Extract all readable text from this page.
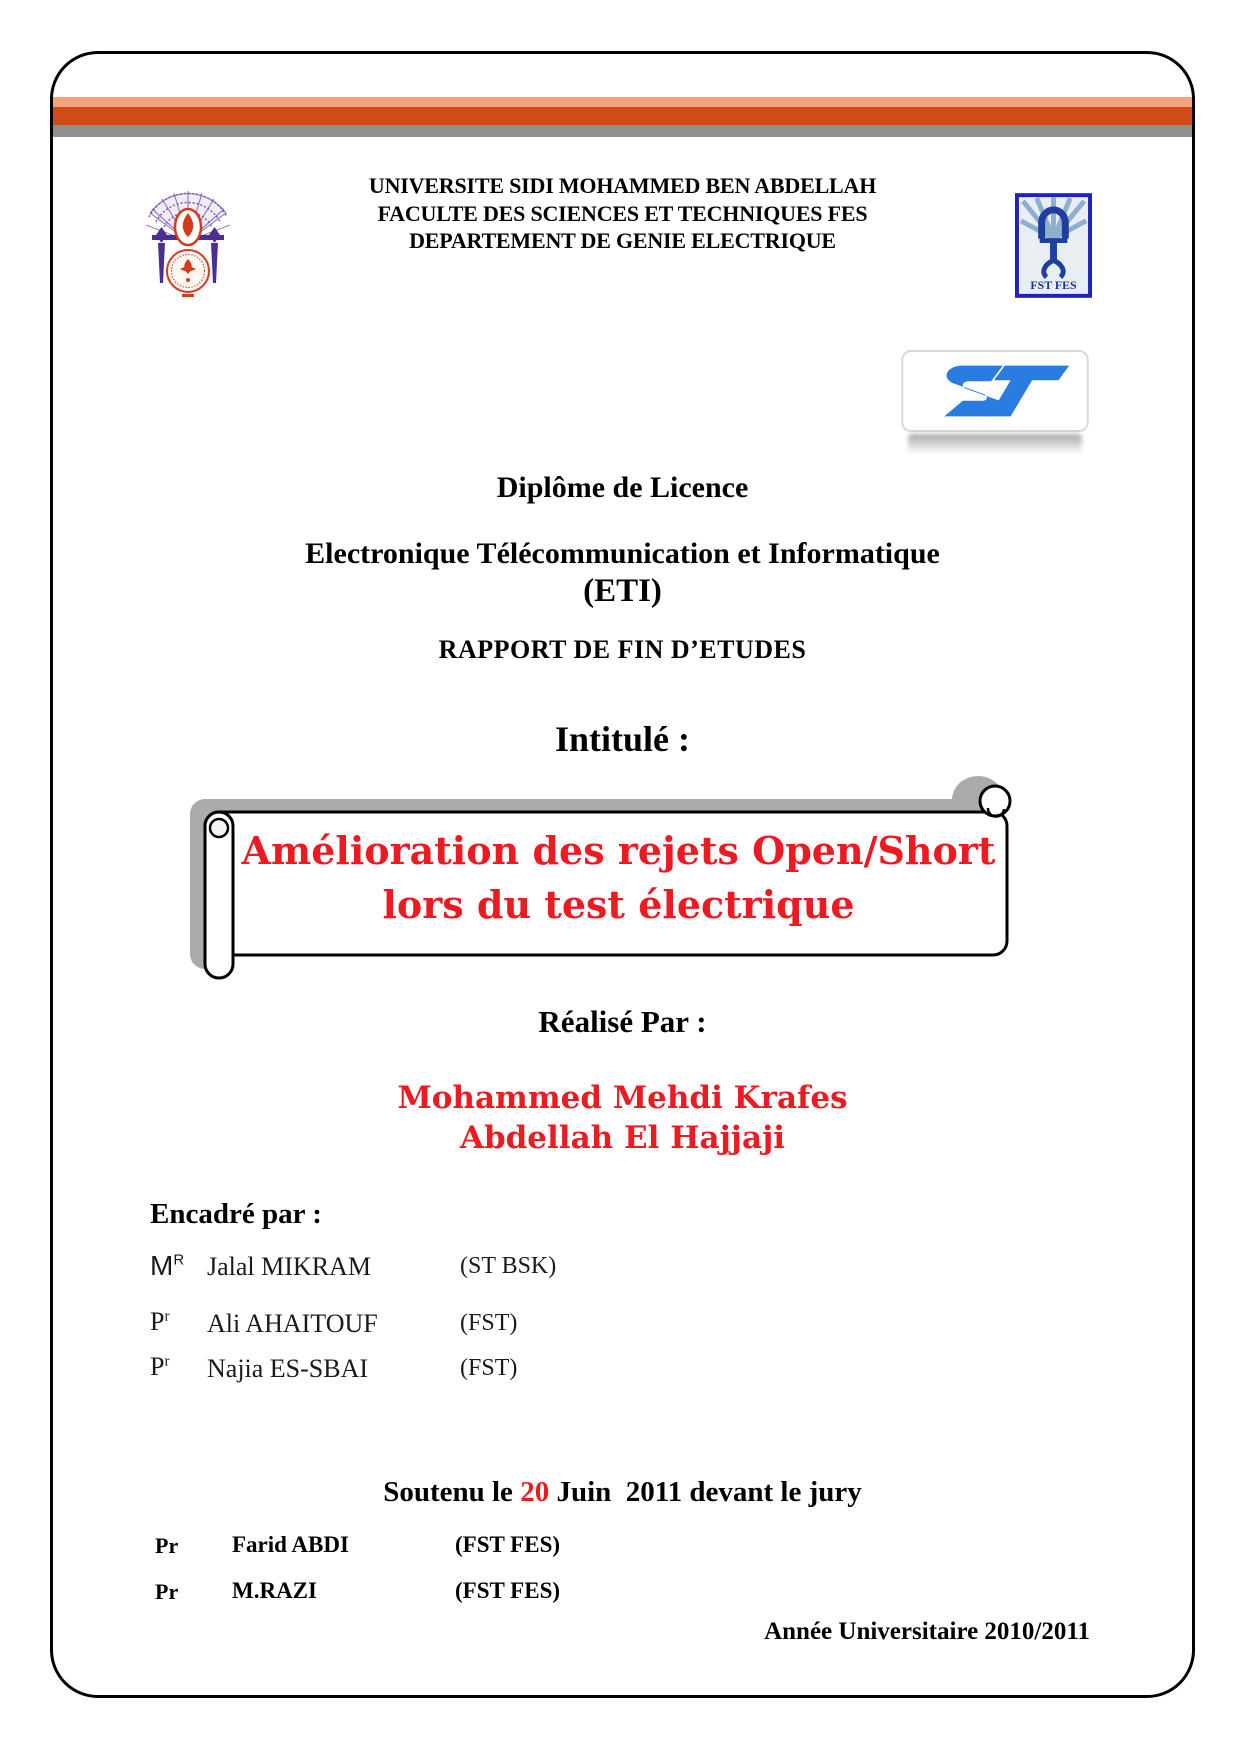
UNIVERSITE SIDI MOHAMMED BEN ABDELLAH
FACULTE DES SCIENCES ET TECHNIQUES FES
DEPARTEMENT DE GENIE ELECTRIQUE
FST FES
Diplôme de Licence
Electronique Télécommunication et Informatique
(ETI)
RAPPORT DE FIN D’ETUDES
Intitulé :
Amélioration des rejets Open/Short
lors du test électrique
Réalisé Par :
Mohammed Mehdi Krafes
Abdellah El Hajjaji
Encadré par :
$M^R$ Jalal MIKRAM	(ST BSK)
$P^r$ Ali AHAITOUF	(FST)
$P^r$ Najia ES-SBAI	(FST)
Soutenu le 20 Juin  2011 devant le jury
Pr Farid ABDI	(FST FES)
Pr M.RAZI	(FST FES)
Année Universitaire 2010/2011
